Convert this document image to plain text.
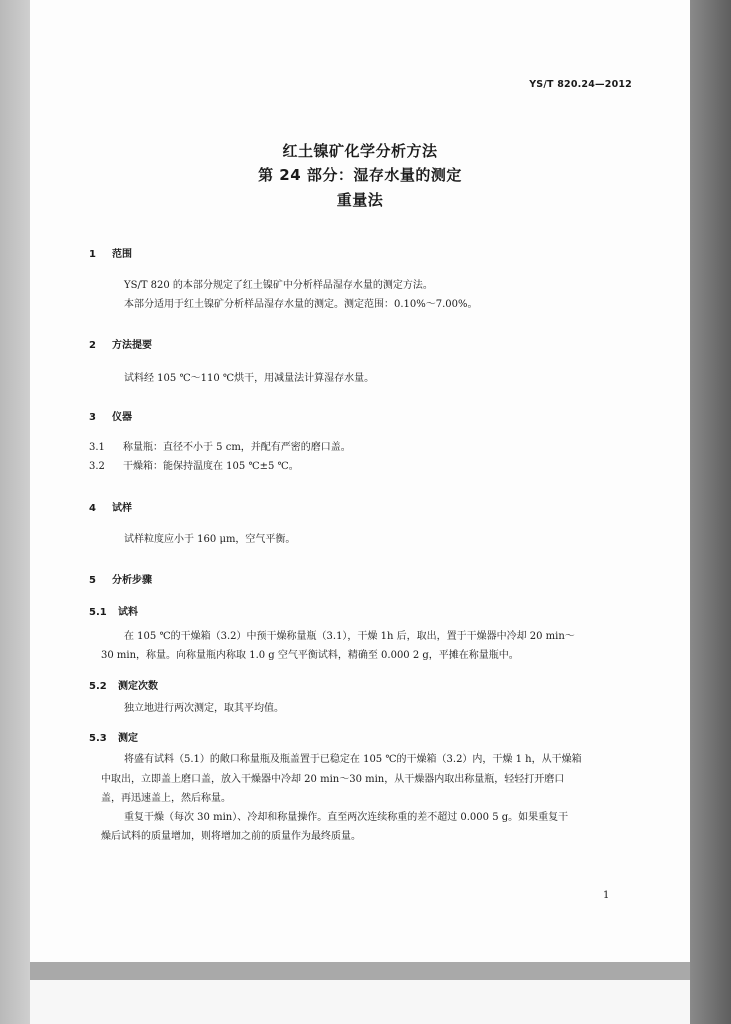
YS/T 820.24—2012
红土镍矿化学分析方法
第 24 部分：湿存水量的测定
重量法
1 范围
YS/T 820 的本部分规定了红土镍矿中分析样品湿存水量的测定方法。
本部分适用于红土镍矿分析样品湿存水量的测定。测定范围：0.10%～7.00%。
2 方法提要
试料经 105 ℃～110 ℃烘干，用减量法计算湿存水量。
3 仪器
3.1 称量瓶：直径不小于 5 cm，并配有严密的磨口盖。
3.2 干燥箱：能保持温度在 105 ℃±5 ℃。
4 试样
试样粒度应小于 160 μm，空气平衡。
5 分析步骤
5.1 试料
在 105 ℃的干燥箱（3.2）中预干燥称量瓶（3.1），干燥 1h 后，取出，置于干燥器中冷却 20 min～
30 min，称量。向称量瓶内称取 1.0 g 空气平衡试料，精确至 0.000 2 g，平摊在称量瓶中。
5.2 测定次数
独立地进行两次测定，取其平均值。
5.3 测定
将盛有试料（5.1）的敞口称量瓶及瓶盖置于已稳定在 105 ℃的干燥箱（3.2）内，干燥 1 h，从干燥箱
中取出，立即盖上磨口盖，放入干燥器中冷却 20 min～30 min，从干燥器内取出称量瓶，轻轻打开磨口
盖，再迅速盖上，然后称量。
重复干燥（每次 30 min）、冷却和称量操作。直至两次连续称重的差不超过 0.000 5 g。如果重复干
燥后试料的质量增加，则将增加之前的质量作为最终质量。
1
